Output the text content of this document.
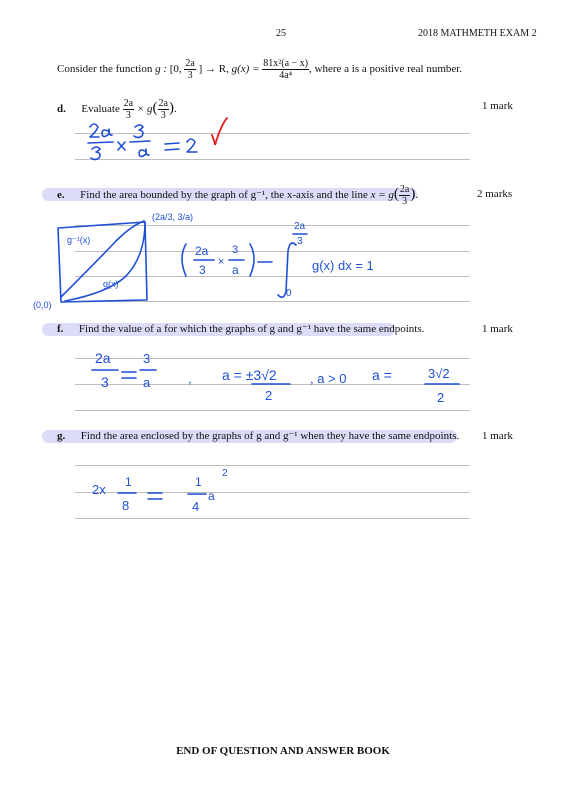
25	2018 MATHMETH EXAM 2
Consider the function g : [0, $\frac{2a}{3}$ ] → R, $g(x) = \frac{\text{81x²(a − x)}}{\text{4a⁴}}$ , where a is a positive real number.
d. Evaluate $\frac{2a}{3} \times g( \frac{2a}{3}$ ).	1 mark
e. Find the area bounded by the graph of g⁻¹, the x-axis and the line $x = g( \frac{2a}{3}$ ).	2 marks
f. Find the value of a for which the graphs of g and g⁻¹ have the same endpoints.	1 mark
g. Find the area enclosed by the graphs of g and g⁻¹ when they have the same endpoints. 1 mark
g⁻¹(x)
g(x)
(2a/3, 3/a)
(0,0)
2a
3
×
3
a
2a
3
0
g(x) dx = 1
2a
3
3
a	, a = ±3√2
2
, a > 0 a =	3√2
2
2x 1
8
1
4
a
2
END OF QUESTION AND ANSWER BOOK
